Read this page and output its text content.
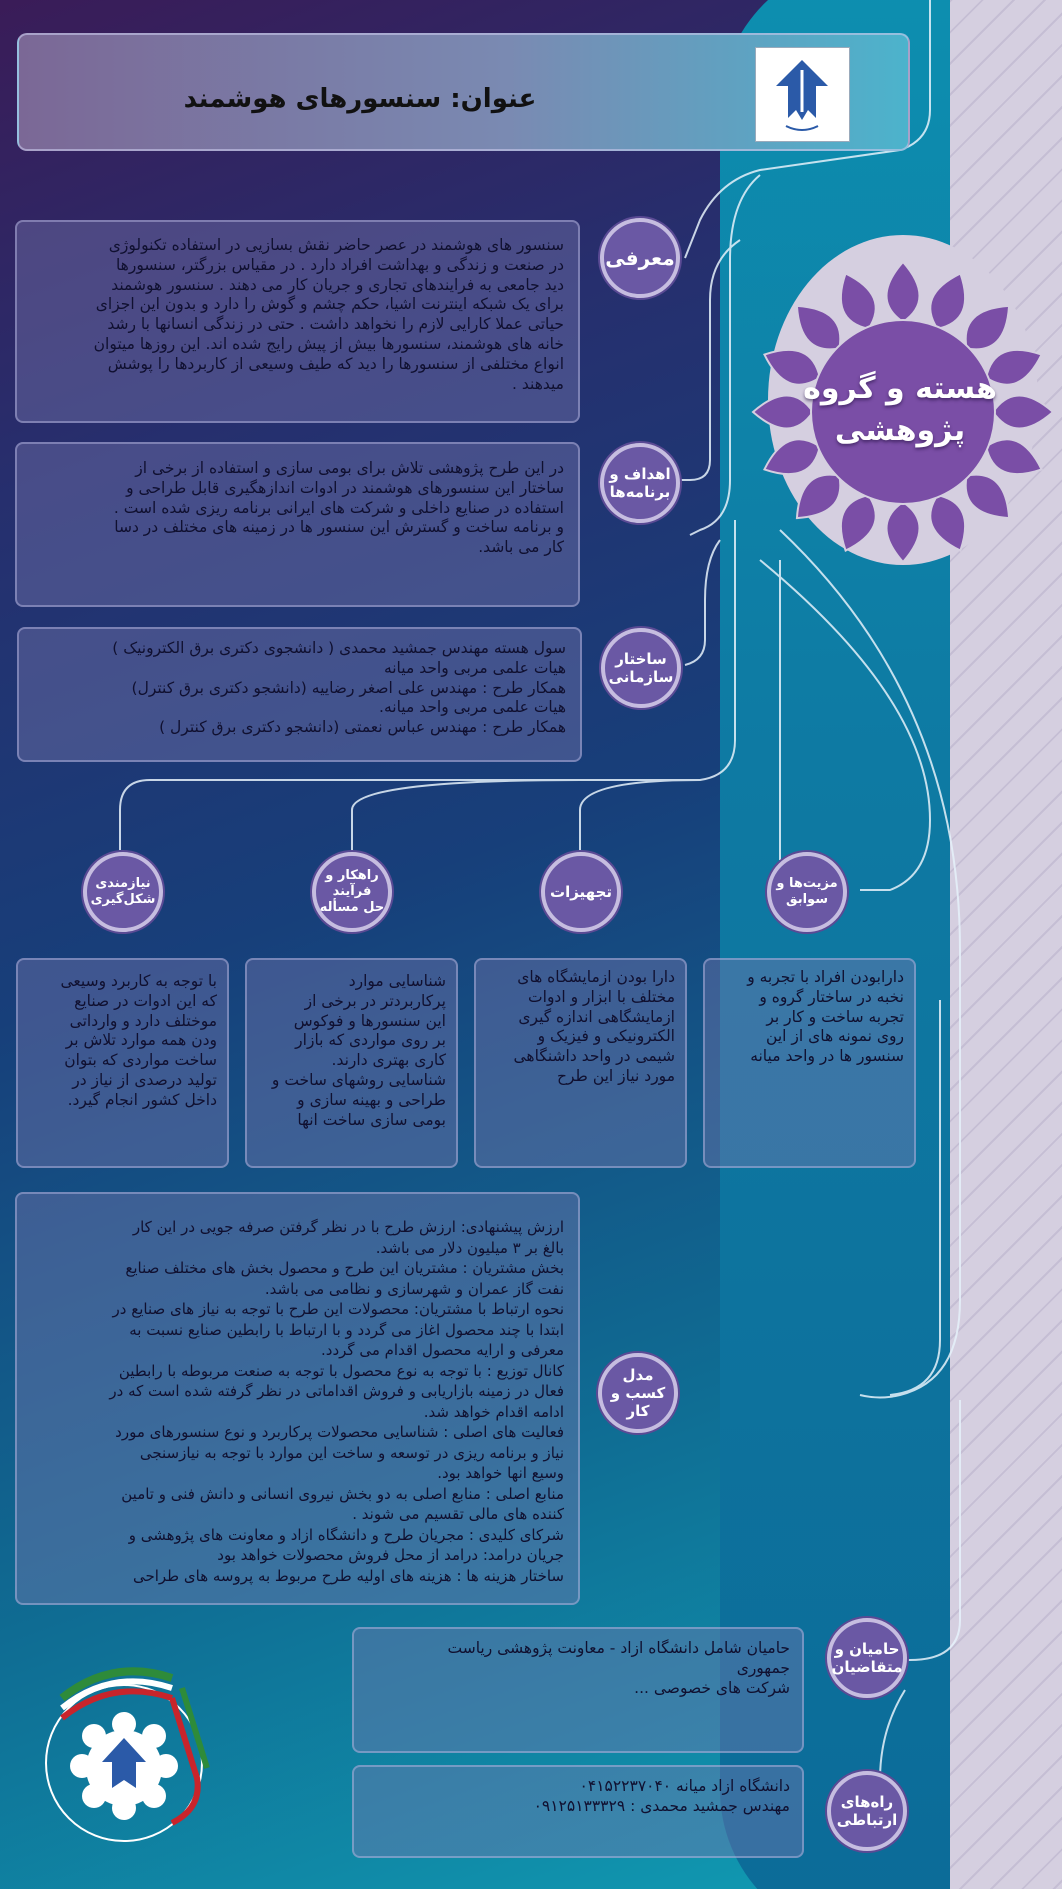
عنوان: سنسورهای هوشمند
هسته و گروه
پژوهشی
سنسور های هوشمند در عصر حاضر نقش بسازیی در استفاده تکنولوژی
در صنعت و زندگی و بهداشت افراد دارد . در مقیاس بزرگتر، سنسورها
دید جامعی به فرایندهای تجاری و جریان کار می دهند . سنسور هوشمند
برای یک شبکه اینترنت اشیا، حکم چشم و گوش را دارد و بدون این اجزای
حیاتی عملا کارایی لازم را نخواهد داشت . حتی در زندگی انسانها با رشد
خانه های هوشمند، سنسورها بیش از پیش رایج شده اند. این روزها میتوان
انواع مختلفی از سنسورها را دید که طیف وسیعی از کاربردها را پوشش
میدهند .
معرفی
در این طرح پژوهشی تلاش برای بومی سازی و استفاده از برخی از
ساختار این سنسورهای هوشمند در ادوات اندازهگیری قابل طراحی و
استفاده در صنایع داخلی و شرکت های ایرانی برنامه ریزی شده است .
و برنامه ساخت و گسترش این سنسور ها در زمینه های مختلف در دسا
کار می باشد.
اهداف و
برنامه‌ها
سول هسته مهندس جمشید محمدی ( دانشجوی دکتری برق الکترونیک )
هیات علمی مربی واحد میانه
همکار طرح : مهندس علی اصغر رضاییه (دانشجو دکتری برق کنترل)
هیات علمی مربی واحد میانه.
همکار طرح : مهندس عباس نعمتی (دانشجو دکتری برق کنترل )
ساختار
سازمانی
مزیت‌ها و
سوابق
تجهیزات
راهکار و
فرآیند
حل مسأله
نیازمندی
شکل‌گیری
دارابودن افراد با تجربه و
نخبه در ساختار گروه و
تجربه ساخت و کار بر
روی نمونه های از این
سنسور ها در واحد میانه
دارا بودن ازمایشگاه های
مختلف با ابزار و ادوات
ازمایشگاهی اندازه گیری
الکترونیکی و فیزیک و
شیمی در واحد داشنگاهی
مورد نیاز این طرح
شناسایی موارد
پرکاربردتر در برخی از
این سنسورها و فوکوس
بر روی مواردی که بازار
کاری بهتری دارند.
شناسایی روشهای ساخت و
طراحی و بهینه سازی و
بومی سازی ساخت انها
با توجه به کاربرد وسیعی
که این ادوات در صنایع
موختلف دارد و وارداتی
ودن همه موارد تلاش بر
ساخت مواردی که بتوان
تولید درصدی از نیاز در
داخل کشور انجام گیرد.
ارزش پیشنهادی: ارزش طرح با در نظر گرفتن صرفه جویی در این کار
بالغ بر ۳ میلیون دلار می باشد.
بخش مشتریان : مشتریان این طرح و محصول بخش های مختلف صنایع
نفت گاز عمران و شهرسازی و نظامی می باشد.
نحوه ارتباط با مشتریان: محصولات این طرح با توجه به نیاز های صنایع در
ابتدا با چند محصول اغاز می گردد و با ارتباط با رابطین صنایع نسبت به
معرفی و ارایه محصول اقدام می گردد.
کانال توزیع : با توجه به نوع محصول با توجه به صنعت مربوطه با رابطین
فعال در زمینه بازاریابی و فروش اقداماتی در نظر گرفته شده است که در
ادامه اقدام خواهد شد.
فعالیت های اصلی : شناسایی محصولات پرکاربرد و نوع سنسورهای مورد
نیاز و برنامه ریزی در توسعه و ساخت این موارد با توجه به نیازسنجی
وسیع انها خواهد بود.
منابع اصلی : منابع اصلی به دو بخش نیروی انسانی و دانش فنی و تامین
کننده های مالی تقسیم می شوند .
شرکای کلیدی : مجریان طرح و دانشگاه ازاد و معاونت های پژوهشی و
جریان درامد: درامد از محل فروش محصولات خواهد بود
ساختار هزینه ها : هزینه های اولیه طرح مربوط به پروسه های طراحی
مدل
کسب و کار
حامیان شامل دانشگاه ازاد - معاونت پژوهشی ریاست
جمهوری
شرکت های خصوصی ...
حامیان و
متقاضیان
دانشگاه ازاد میانه ۰۴۱۵۲۲۳۷۰۴۰
مهندس جمشید محمدی : ۰۹۱۲۵۱۳۳۳۲۹	راه‌های
ارتباطی
